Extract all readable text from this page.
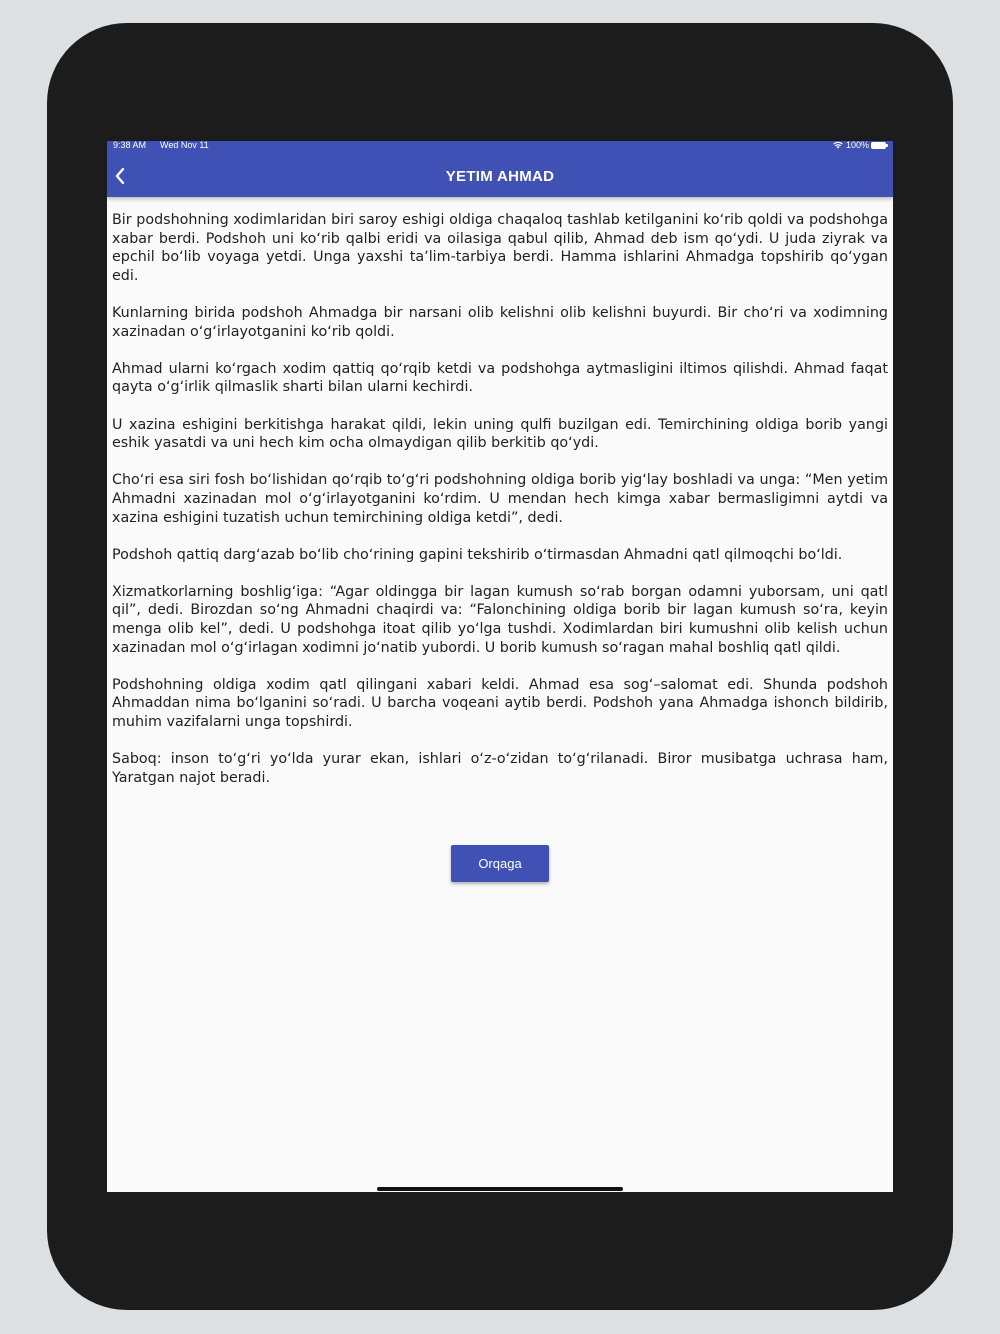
9:38 AM Wed Nov 11	100%
YETIM AHMAD

Bir podshohning xodimlaridan biri saroy eshigi oldiga chaqaloq tashlab ketilganini koʻrib qoldi va podshohga xabar berdi. Podshoh uni koʻrib qalbi eridi va oilasiga qabul qilib, Ahmad deb ism qoʻydi. U juda ziyrak va epchil boʻlib voyaga yetdi. Unga yaxshi taʼlim-tarbiya berdi. Hamma ishlarini Ahmadga topshirib qoʻygan edi.

Kunlarning birida podshoh Ahmadga bir narsani olib kelishni olib kelishni buyurdi. Bir choʻri va xodimning xazinadan oʻgʻirlayotganini koʻrib qoldi.

Ahmad ularni koʻrgach xodim qattiq qoʻrqib ketdi va podshohga aytmasligini iltimos qilishdi. Ahmad faqat qayta oʻgʻirlik qilmaslik sharti bilan ularni kechirdi.

U xazina eshigini berkitishga harakat qildi, lekin uning qulfi buzilgan edi. Temirchining oldiga borib yangi eshik yasatdi va uni hech kim ocha olmaydigan qilib berkitib qoʻydi.

Choʻri esa siri fosh boʻlishidan qoʻrqib toʻgʻri podshohning oldiga borib yigʻlay boshladi va unga: “Men yetim Ahmadni xazinadan mol oʻgʻirlayotganini koʻrdim. U mendan hech kimga xabar bermasligimni aytdi va xazina eshigini tuzatish uchun temirchining oldiga ketdi”, dedi.

Podshoh qattiq dargʻazab boʻlib choʻrining gapini tekshirib oʻtirmasdan Ahmadni qatl qilmoqchi boʻldi.

Xizmatkorlarning boshligʻiga: “Agar oldingga bir lagan kumush soʻrab borgan odamni yuborsam, uni qatl qil”, dedi. Birozdan soʻng Ahmadni chaqirdi va: “Falonchining oldiga borib bir lagan kumush soʻra, keyin menga olib kel”, dedi. U podshohga itoat qilib yoʻlga tushdi. Xodimlardan biri kumushni olib kelish uchun xazinadan mol oʻgʻirlagan xodimni joʻnatib yubordi. U borib kumush soʻragan mahal boshliq qatl qildi.

Podshohning oldiga xodim qatl qilingani xabari keldi. Ahmad esa sogʻ–salomat edi. Shunda podshoh Ahmaddan nima boʻlganini soʻradi. U barcha voqeani aytib berdi. Podshoh yana Ahmadga ishonch bildirib, muhim vazifalarni unga topshirdi.

Saboq: inson toʻgʻri yoʻlda yurar ekan, ishlari oʻz-oʻzidan toʻgʻrilanadi. Biror musibatga uchrasa ham, Yaratgan najot beradi.

Orqaga
